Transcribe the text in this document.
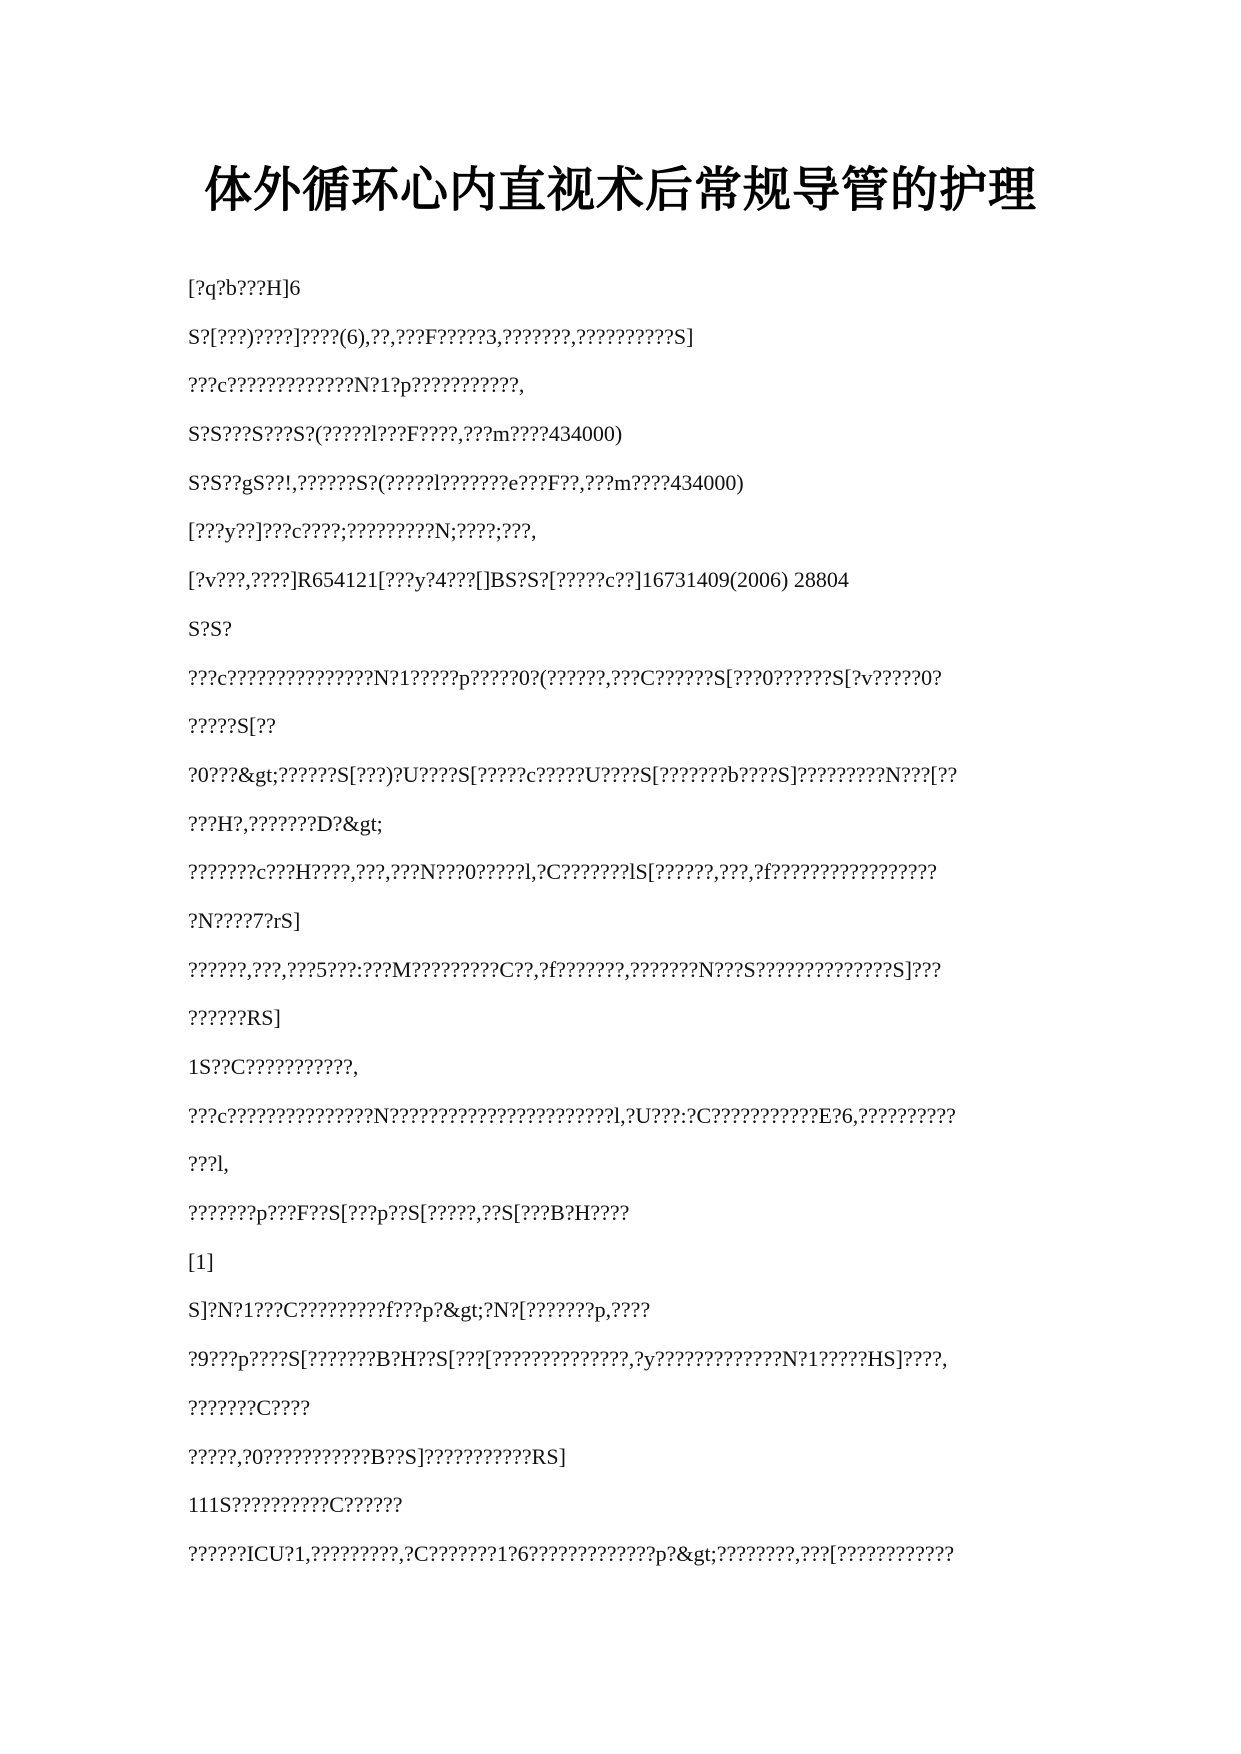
体外循环心内直视术后常规导管的护理
[?q?b???H]6
S?[???)????]????(6),??,???F?????3,???????,??????????S]
???c?????????????N?1?p???????????,
S?S???S???S?(?????l???F????,???m????434000)
S?S??gS??!,??????S?(?????l???????e???F??,???m????434000)
[???y??]???c????;?????????N;????;???,
[?v???,????]R654121[???y?4???[]BS?S?[?????c??]16731409(2006) 28804
S?S?
???c???????????????N?1?????p?????0?(??????,???C??????S[???0??????S[?v?????0?
?????S[??
?0???&gt;??????S[???)?U????S[?????c?????U????S[???????b????S]?????????N???[??
???H?,???????D?&gt;
???????c???H????,???,???N???0?????l,?C???????lS[??????,???,?f?????????????????
?N????7?rS]
??????,???,???5???:???M?????????C??,?f???????,???????N???S??????????????S]???
??????RS]
1S??C???????????,
???c???????????????N???????????????????????l,?U???:?C???????????E?6,??????????
???l,
???????p???F??S[???p??S[?????,??S[???B?H????
[1]
S]?N?1???C?????????f???p?&gt;?N?[???????p,????
?9???p????S[???????B?H??S[???[??????????????,?y?????????????N?1?????HS]????,
???????C????
?????,?0???????????B??S]???????????RS]
111S??????????C??????
??????ICU?1,?????????,?C???????1?6?????????????p?&gt;????????,???[????????????
